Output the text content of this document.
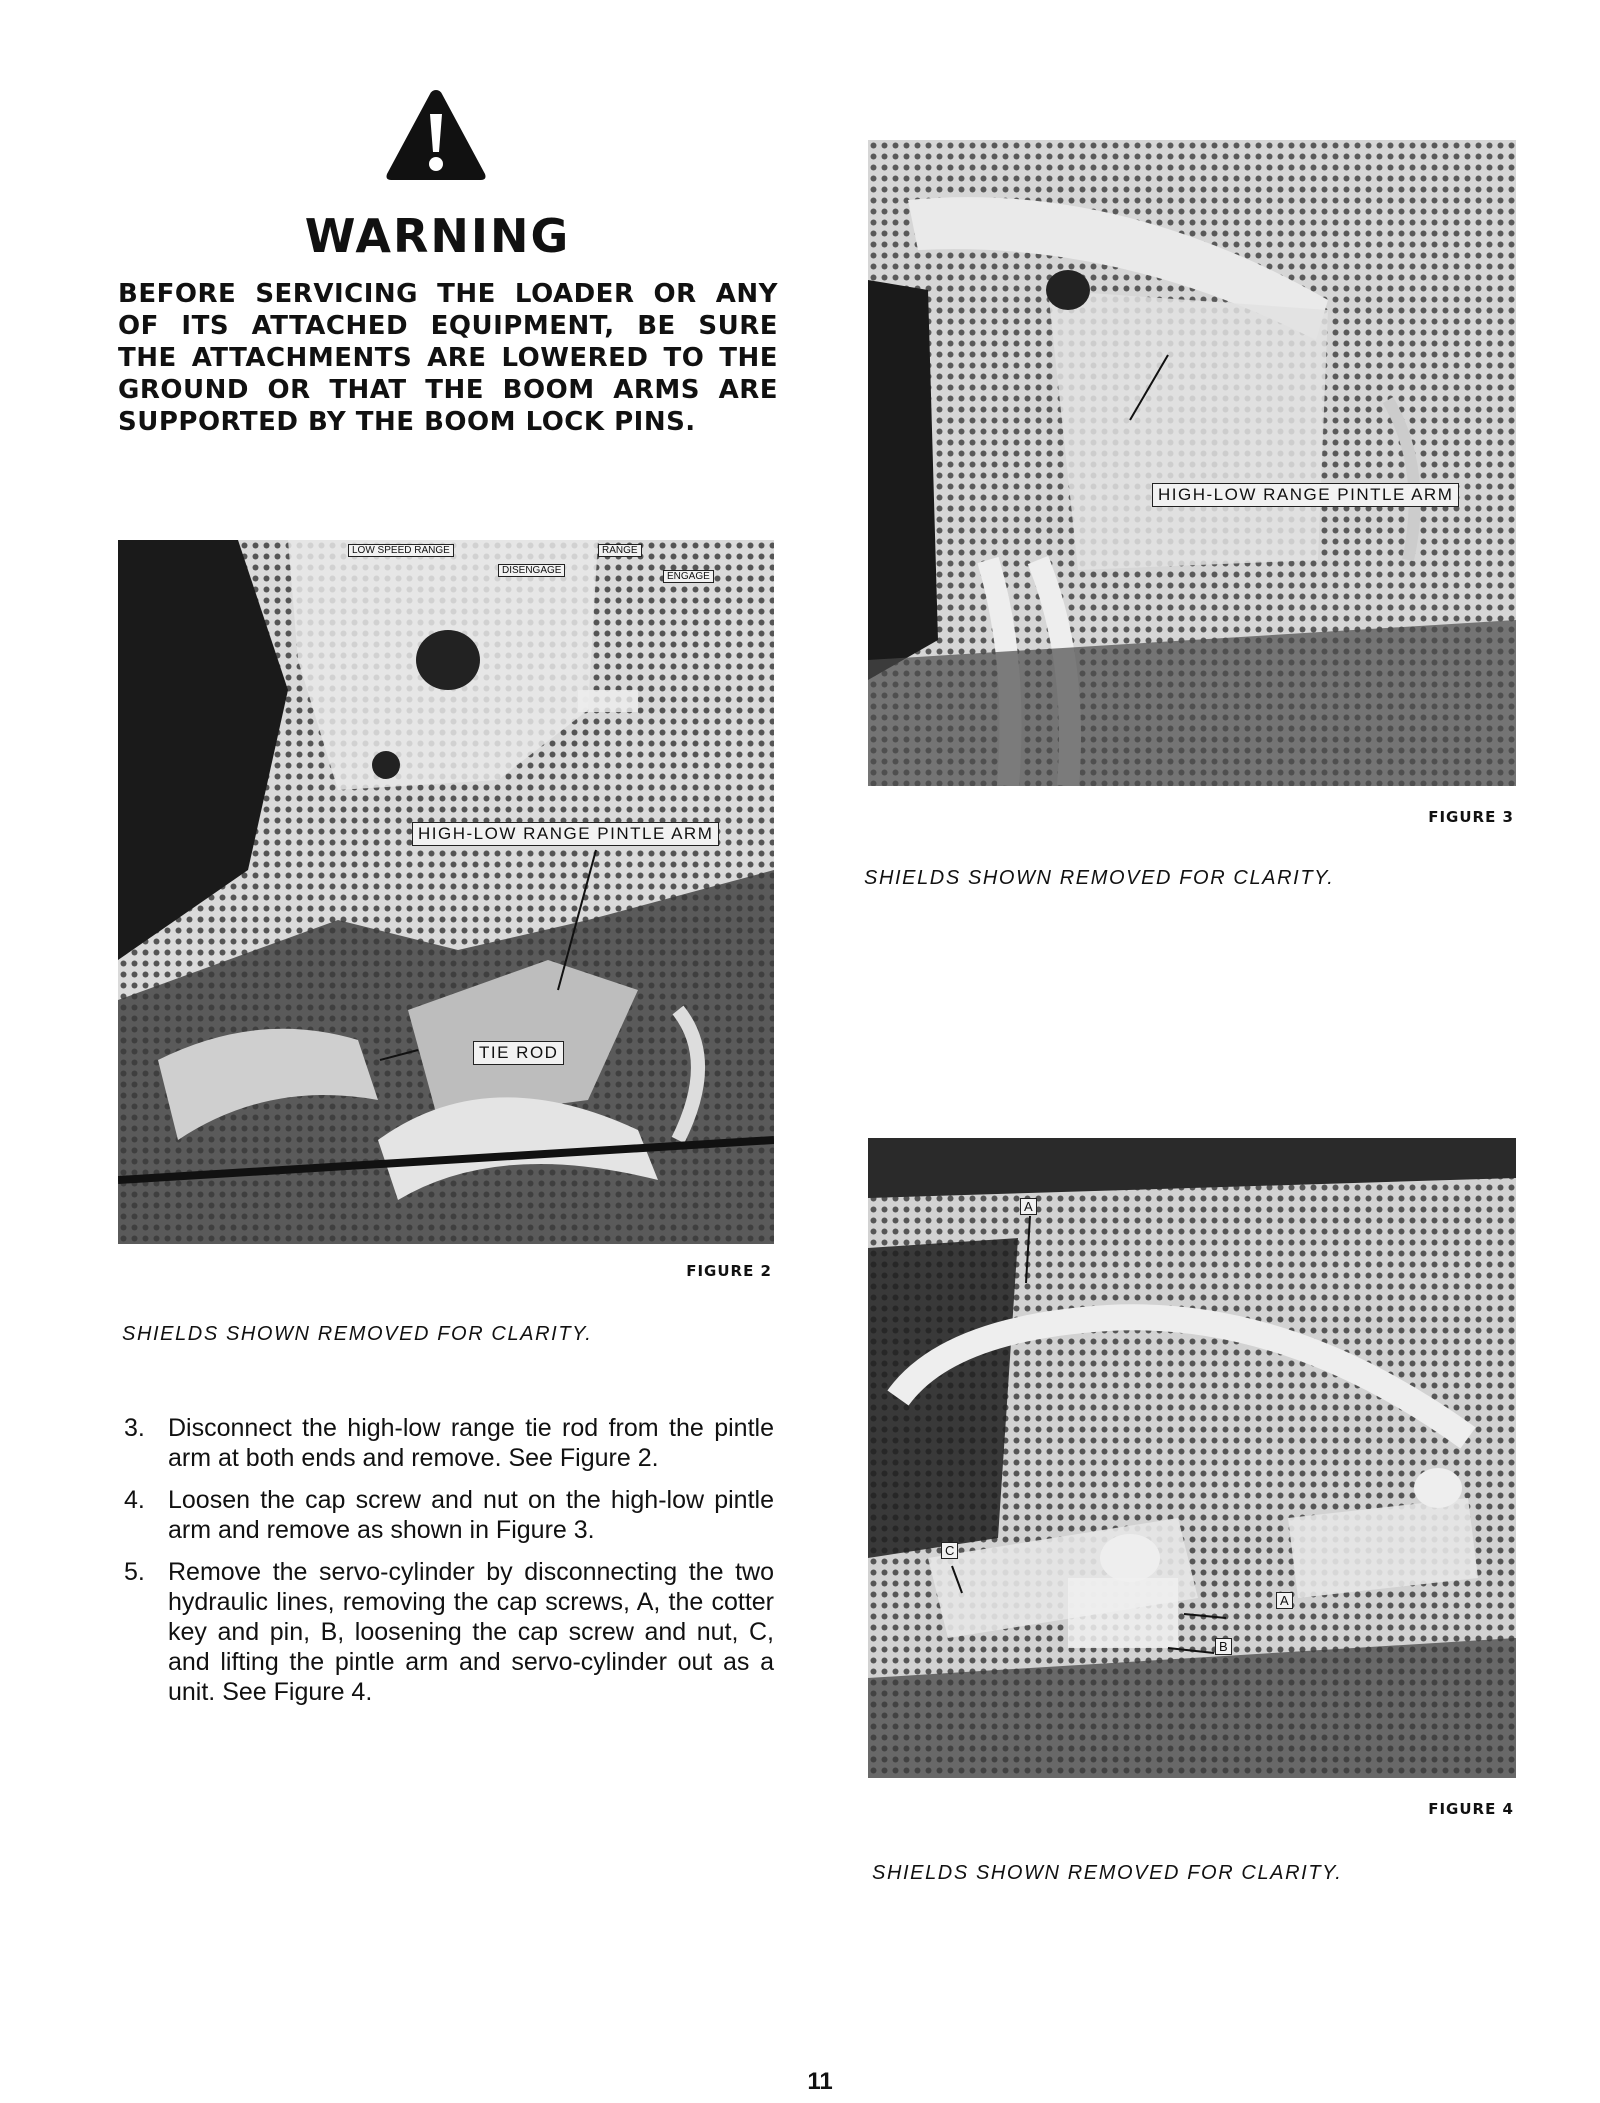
WARNING

BEFORE SERVICING THE LOADER OR ANY OF ITS ATTACHED EQUIPMENT, BE SURE THE ATTACHMENTS ARE LOWERED TO THE GROUND OR THAT THE BOOM ARMS ARE SUPPORTED BY THE BOOM LOCK PINS.

LOW SPEED RANGE	RANGE
DISENGAGE
ENGAGE
HIGH-LOW RANGE PINTLE ARM
TIE ROD
FIGURE 2
SHIELDS SHOWN REMOVED FOR CLARITY.
HIGH-LOW RANGE PINTLE ARM
FIGURE 3
SHIELDS SHOWN REMOVED FOR CLARITY.
A
A
B
C
FIGURE 4
SHIELDS SHOWN REMOVED FOR CLARITY.
3. Disconnect the high-low range tie rod from the pintle arm at both ends and remove. See Figure 2.
4. Loosen the cap screw and nut on the high-low pintle arm and remove as shown in Figure 3.
5. Remove the servo-cylinder by disconnecting the two hydraulic lines, removing the cap screws, A, the cotter key and pin, B, loosening the cap screw and nut, C, and lifting the pintle arm and servo-cylinder out as a unit. See Figure 4.
11
